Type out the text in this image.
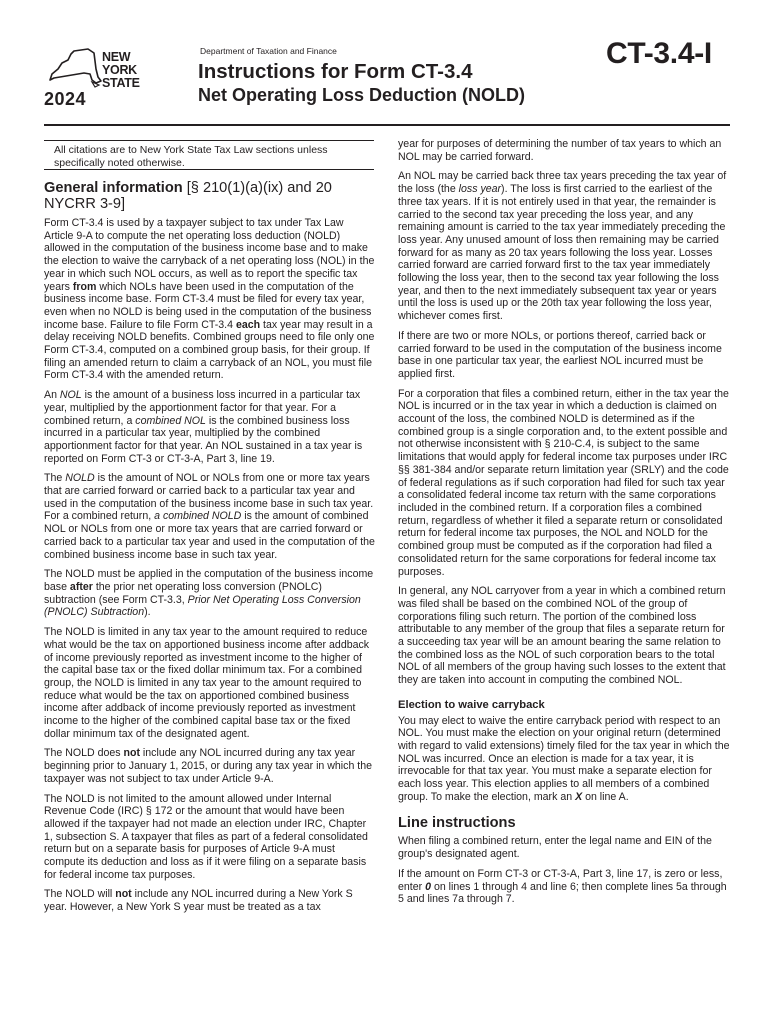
NEW
YORK
STATE
2024
Department of Taxation and Finance	CT-3.4-I
Instructions for Form CT-3.4
Net Operating Loss Deduction (NOLD)
All citations are to New York State Tax Law sections unless specifically noted otherwise.
General information [§ 210(1)(a)(ix) and 20 NYCRR 3-9]

Form CT-3.4 is used by a taxpayer subject to tax under Tax Law Article 9-A to compute the net operating loss deduction (NOLD) allowed in the computation of the business income base and to make the election to waive the carryback of a net operating loss (NOL) in the year in which such NOL occurs, as well as to report the specific tax years from which NOLs have been used in the computation of the business income base. Form CT-3.4 must be filed for every tax year, even when no NOLD is being used in the computation of the business income base. Failure to file Form CT-3.4 each tax year may result in a delay receiving NOLD benefits. Combined groups need to file only one Form CT-3.4, computed on a combined group basis, for their group. If filing an amended return to claim a carryback of an NOL, you must file Form CT-3.4 with the amended return.

An NOL is the amount of a business loss incurred in a particular tax year, multiplied by the apportionment factor for that year. For a combined return, a combined NOL is the combined business loss incurred in a particular tax year, multiplied by the combined apportionment factor for that year. An NOL sustained in a tax year is reported on Form CT-3 or CT-3-A, Part 3, line 19.

The NOLD is the amount of NOL or NOLs from one or more tax years that are carried forward or carried back to a particular tax year and used in the computation of the business income base in such tax year. For a combined return, a combined NOLD is the amount of combined NOL or NOLs from one or more tax years that are carried forward or carried back to a particular tax year and used in the computation of the combined business income base in such tax year.

The NOLD must be applied in the computation of the business income base after the prior net operating loss conversion (PNOLC) subtraction (see Form CT-3.3, Prior Net Operating Loss Conversion (PNOLC) Subtraction).

The NOLD is limited in any tax year to the amount required to reduce what would be the tax on apportioned business income after addback of income previously reported as investment income to the higher of the capital base tax or the fixed dollar minimum tax. For a combined group, the NOLD is limited in any tax year to the amount required to reduce what would be the tax on apportioned combined business income after addback of income previously reported as investment income to the higher of the combined capital base tax or the fixed dollar minimum tax of the designated agent.

The NOLD does not include any NOL incurred during any tax year beginning prior to January 1, 2015, or during any tax year in which the taxpayer was not subject to tax under Article 9-A.

The NOLD is not limited to the amount allowed under Internal Revenue Code (IRC) § 172 or the amount that would have been allowed if the taxpayer had not made an election under IRC, Chapter 1, subsection S. A taxpayer that files as part of a federal consolidated return but on a separate basis for purposes of Article 9-A must compute its deduction and loss as if it were filing on a separate basis for federal income tax purposes.

The NOLD will not include any NOL incurred during a New York S year. However, a New York S year must be treated as a tax

year for purposes of determining the number of tax years to which an NOL may be carried forward.

An NOL may be carried back three tax years preceding the tax year of the loss (the loss year). The loss is first carried to the earliest of the three tax years. If it is not entirely used in that year, the remainder is carried to the second tax year preceding the loss year, and any remaining amount is carried to the tax year immediately preceding the loss year. Any unused amount of loss then remaining may be carried forward for as many as 20 tax years following the loss year. Losses carried forward are carried forward first to the tax year immediately following the loss year, then to the second tax year following the loss year, and then to the next immediately subsequent tax year or years until the loss is used up or the 20th tax year following the loss year, whichever comes first.

If there are two or more NOLs, or portions thereof, carried back or carried forward to be used in the computation of the business income base in one particular tax year, the earliest NOL incurred must be applied first.

For a corporation that files a combined return, either in the tax year the NOL is incurred or in the tax year in which a deduction is claimed on account of the loss, the combined NOLD is determined as if the combined group is a single corporation and, to the extent possible and not otherwise inconsistent with § 210-C.4, is subject to the same limitations that would apply for federal income tax purposes under IRC §§ 381-384 and/or separate return limitation year (SRLY) and the code of federal regulations as if such corporation had filed for such tax year a consolidated federal income tax return with the same corporations included in the combined return. If a corporation files a combined return, regardless of whether it filed a separate return or consolidated return for federal income tax purposes, the NOL and NOLD for the combined group must be computed as if the corporation had filed a consolidated return for the same corporations for federal income tax purposes.

In general, any NOL carryover from a year in which a combined return was filed shall be based on the combined NOL of the group of corporations filing such return. The portion of the combined loss attributable to any member of the group that files a separate return for a succeeding tax year will be an amount bearing the same relation to the combined loss as the NOL of such corporation bears to the total NOL of all members of the group having such losses to the extent that they are taken into account in computing the combined NOL.

Election to waive carryback

You may elect to waive the entire carryback period with respect to an NOL. You must make the election on your original return (determined with regard to valid extensions) timely filed for the tax year in which the NOL was incurred. Once an election is made for a tax year, it is irrevocable for that tax year. You must make a separate election for each loss year. This election applies to all members of a combined group. To make the election, mark an X on line A.

Line instructions

When filing a combined return, enter the legal name and EIN of the group's designated agent.

If the amount on Form CT-3 or CT-3-A, Part 3, line 17, is zero or less, enter 0 on lines 1 through 4 and line 6; then complete lines 5a through 5 and lines 7a through 7.
